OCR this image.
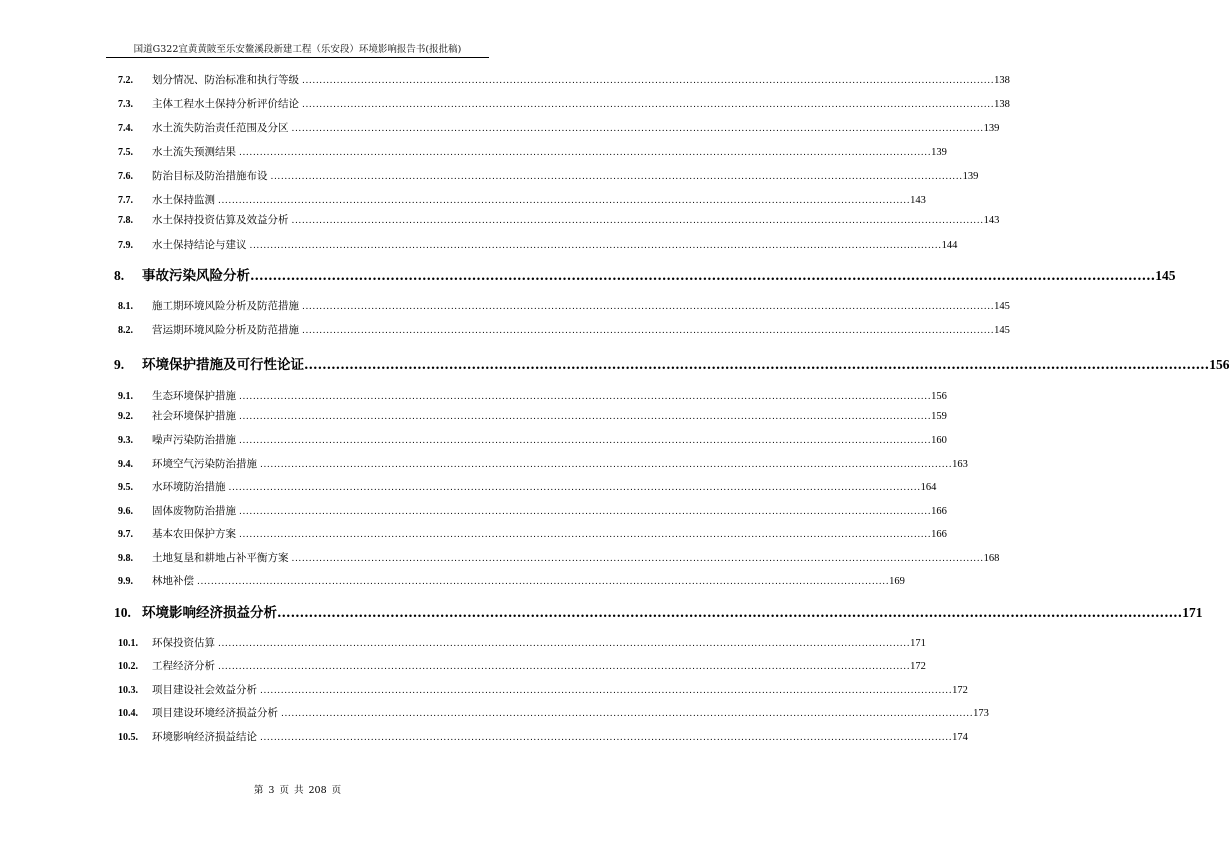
国道G322宜黄黄陂至乐安鳌溪段新建工程（乐安段）环境影响报告书(报批稿)
7.2.	划分情况、防治标准和执行等级 ........................................................................................................................................................................................................ 138
7.3.	主体工程水土保持分析评价结论 ........................................................................................................................................................................................................ 138
7.4.	水土流失防治责任范围及分区 ........................................................................................................................................................................................................ 139
7.5.	水土流失预测结果 ........................................................................................................................................................................................................ 139
7.6.	防治目标及防治措施布设 ........................................................................................................................................................................................................ 139
7.7.	水土保持监测 ........................................................................................................................................................................................................ 143
7.8.	水土保持投资估算及效益分析 ........................................................................................................................................................................................................ 143
7.9.	水土保持结论与建议 ........................................................................................................................................................................................................ 144
8. 事故污染风险分析 ........................................................................................................................................................................................................ 145
8.1.	施工期环境风险分析及防范措施 ........................................................................................................................................................................................................ 145
8.2.	营运期环境风险分析及防范措施 ........................................................................................................................................................................................................ 145
9. 环境保护措施及可行性论证 ........................................................................................................................................................................................................ 156
9.1.	生态环境保护措施 ........................................................................................................................................................................................................ 156
9.2.	社会环境保护措施 ........................................................................................................................................................................................................ 159
9.3.	噪声污染防治措施 ........................................................................................................................................................................................................ 160
9.4.	环境空气污染防治措施 ........................................................................................................................................................................................................ 163
9.5.	水环境防治措施 ........................................................................................................................................................................................................ 164
9.6.	固体废物防治措施 ........................................................................................................................................................................................................ 166
9.7.	基本农田保护方案 ........................................................................................................................................................................................................ 166
9.8.	土地复垦和耕地占补平衡方案 ........................................................................................................................................................................................................ 168
9.9.	林地补偿 ........................................................................................................................................................................................................ 169
10. 环境影响经济损益分析 ........................................................................................................................................................................................................ 171
10.1. 环保投资估算 ........................................................................................................................................................................................................ 171
10.2. 工程经济分析 ........................................................................................................................................................................................................ 172
10.3. 项目建设社会效益分析 ........................................................................................................................................................................................................ 172
10.4. 项目建设环境经济损益分析 ........................................................................................................................................................................................................ 173
10.5. 环境影响经济损益结论 ........................................................................................................................................................................................................ 174
第 3 页 共 208 页
